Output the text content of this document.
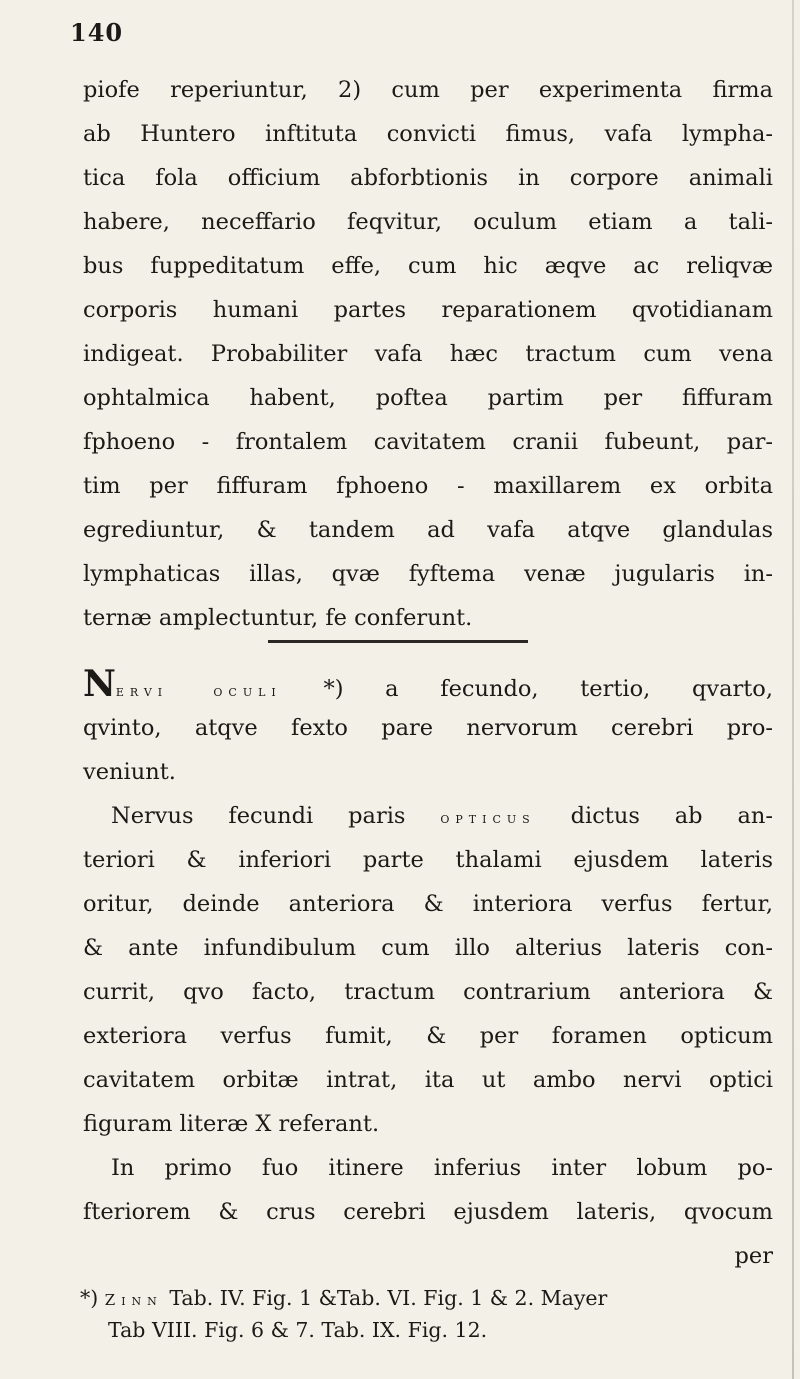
140
piofe reperiuntur, 2) cum per experimenta firma
ab Huntero inftituta convicti fimus, vafa lympha-
tica fola officium abforbtionis in corpore animali
habere, neceffario feqvitur, oculum etiam a tali-
bus fuppeditatum effe, cum hic æqve ac reliqvæ
corporis humani partes reparationem qvotidianam
indigeat. Probabiliter vafa hæc tractum cum vena
ophtalmica habent, poftea partim per fiffuram
fphoeno - frontalem cavitatem cranii fubeunt, par-
tim per fiffuram fphoeno - maxillarem ex orbita
egrediuntur, & tandem ad vafa atqve glandulas
lymphaticas illas, qvæ fyftema venæ jugularis in-
ternæ amplectuntur, fe conferunt.
Nervi oculi *) a fecundo, tertio, qvarto,
qvinto, atqve fexto pare nervorum cerebri pro-
veniunt.
Nervus fecundi paris opticus dictus ab an-
teriori & inferiori parte thalami ejusdem lateris
oritur, deinde anteriora & interiora verfus fertur,
& ante infundibulum cum illo alterius lateris con-
currit, qvo facto, tractum contrarium anteriora &
exteriora verfus fumit, & per foramen opticum
cavitatem orbitæ intrat, ita ut ambo nervi optici
figuram literæ X referant.
In primo fuo itinere inferius inter lobum po-
fteriorem & crus cerebri ejusdem lateris, qvocum
per
*) Zinn Tab. IV. Fig. 1 &Tab. VI. Fig. 1 & 2. Mayer
Tab VIII. Fig. 6 & 7. Tab. IX. Fig. 12.
